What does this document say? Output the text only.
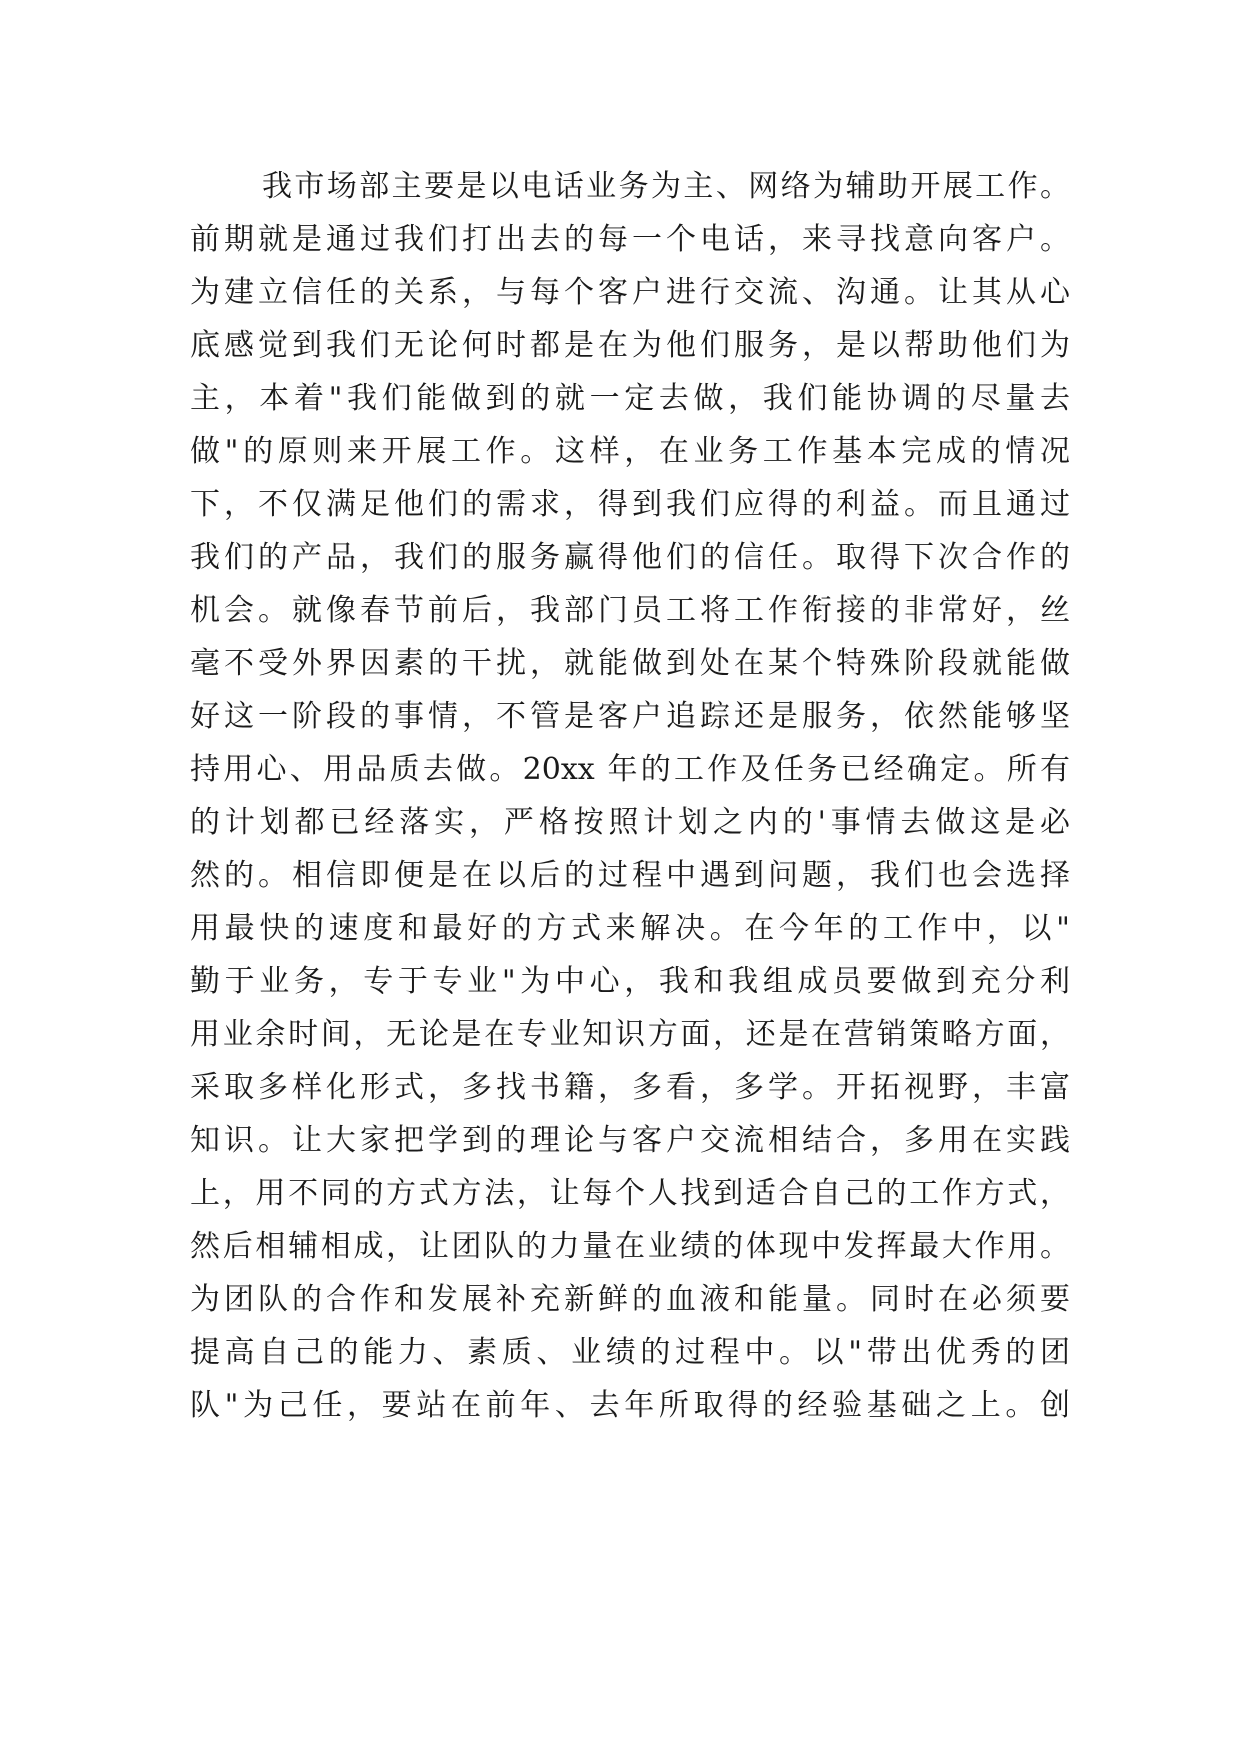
我市场部主要是以电话业务为主、网络为辅助开展工作。
前期就是通过我们打出去的每一个电话，来寻找意向客户。
为建立信任的关系，与每个客户进行交流、沟通。让其从心
底感觉到我们无论何时都是在为他们服务，是以帮助他们为
主，本着"我们能做到的就一定去做，我们能协调的尽量去
做"的原则来开展工作。这样，在业务工作基本完成的情况
下，不仅满足他们的需求，得到我们应得的利益。而且通过
我们的产品，我们的服务赢得他们的信任。取得下次合作的
机会。就像春节前后，我部门员工将工作衔接的非常好，丝
毫不受外界因素的干扰，就能做到处在某个特殊阶段就能做
好这一阶段的事情，不管是客户追踪还是服务，依然能够坚
持用心、用品质去做。20xx 年的工作及任务已经确定。所有
的计划都已经落实，严格按照计划之内的'事情去做这是必
然的。相信即便是在以后的过程中遇到问题，我们也会选择
用最快的速度和最好的方式来解决。在今年的工作中，以"
勤于业务，专于专业"为中心，我和我组成员要做到充分利
用业余时间，无论是在专业知识方面，还是在营销策略方面，
采取多样化形式，多找书籍，多看，多学。开拓视野，丰富
知识。让大家把学到的理论与客户交流相结合，多用在实践
上，用不同的方式方法，让每个人找到适合自己的工作方式，
然后相辅相成，让团队的力量在业绩的体现中发挥最大作用。
为团队的合作和发展补充新鲜的血液和能量。同时在必须要
提高自己的能力、素质、业绩的过程中。以"带出优秀的团
队"为己任，要站在前年、去年所取得的经验基础之上。创
